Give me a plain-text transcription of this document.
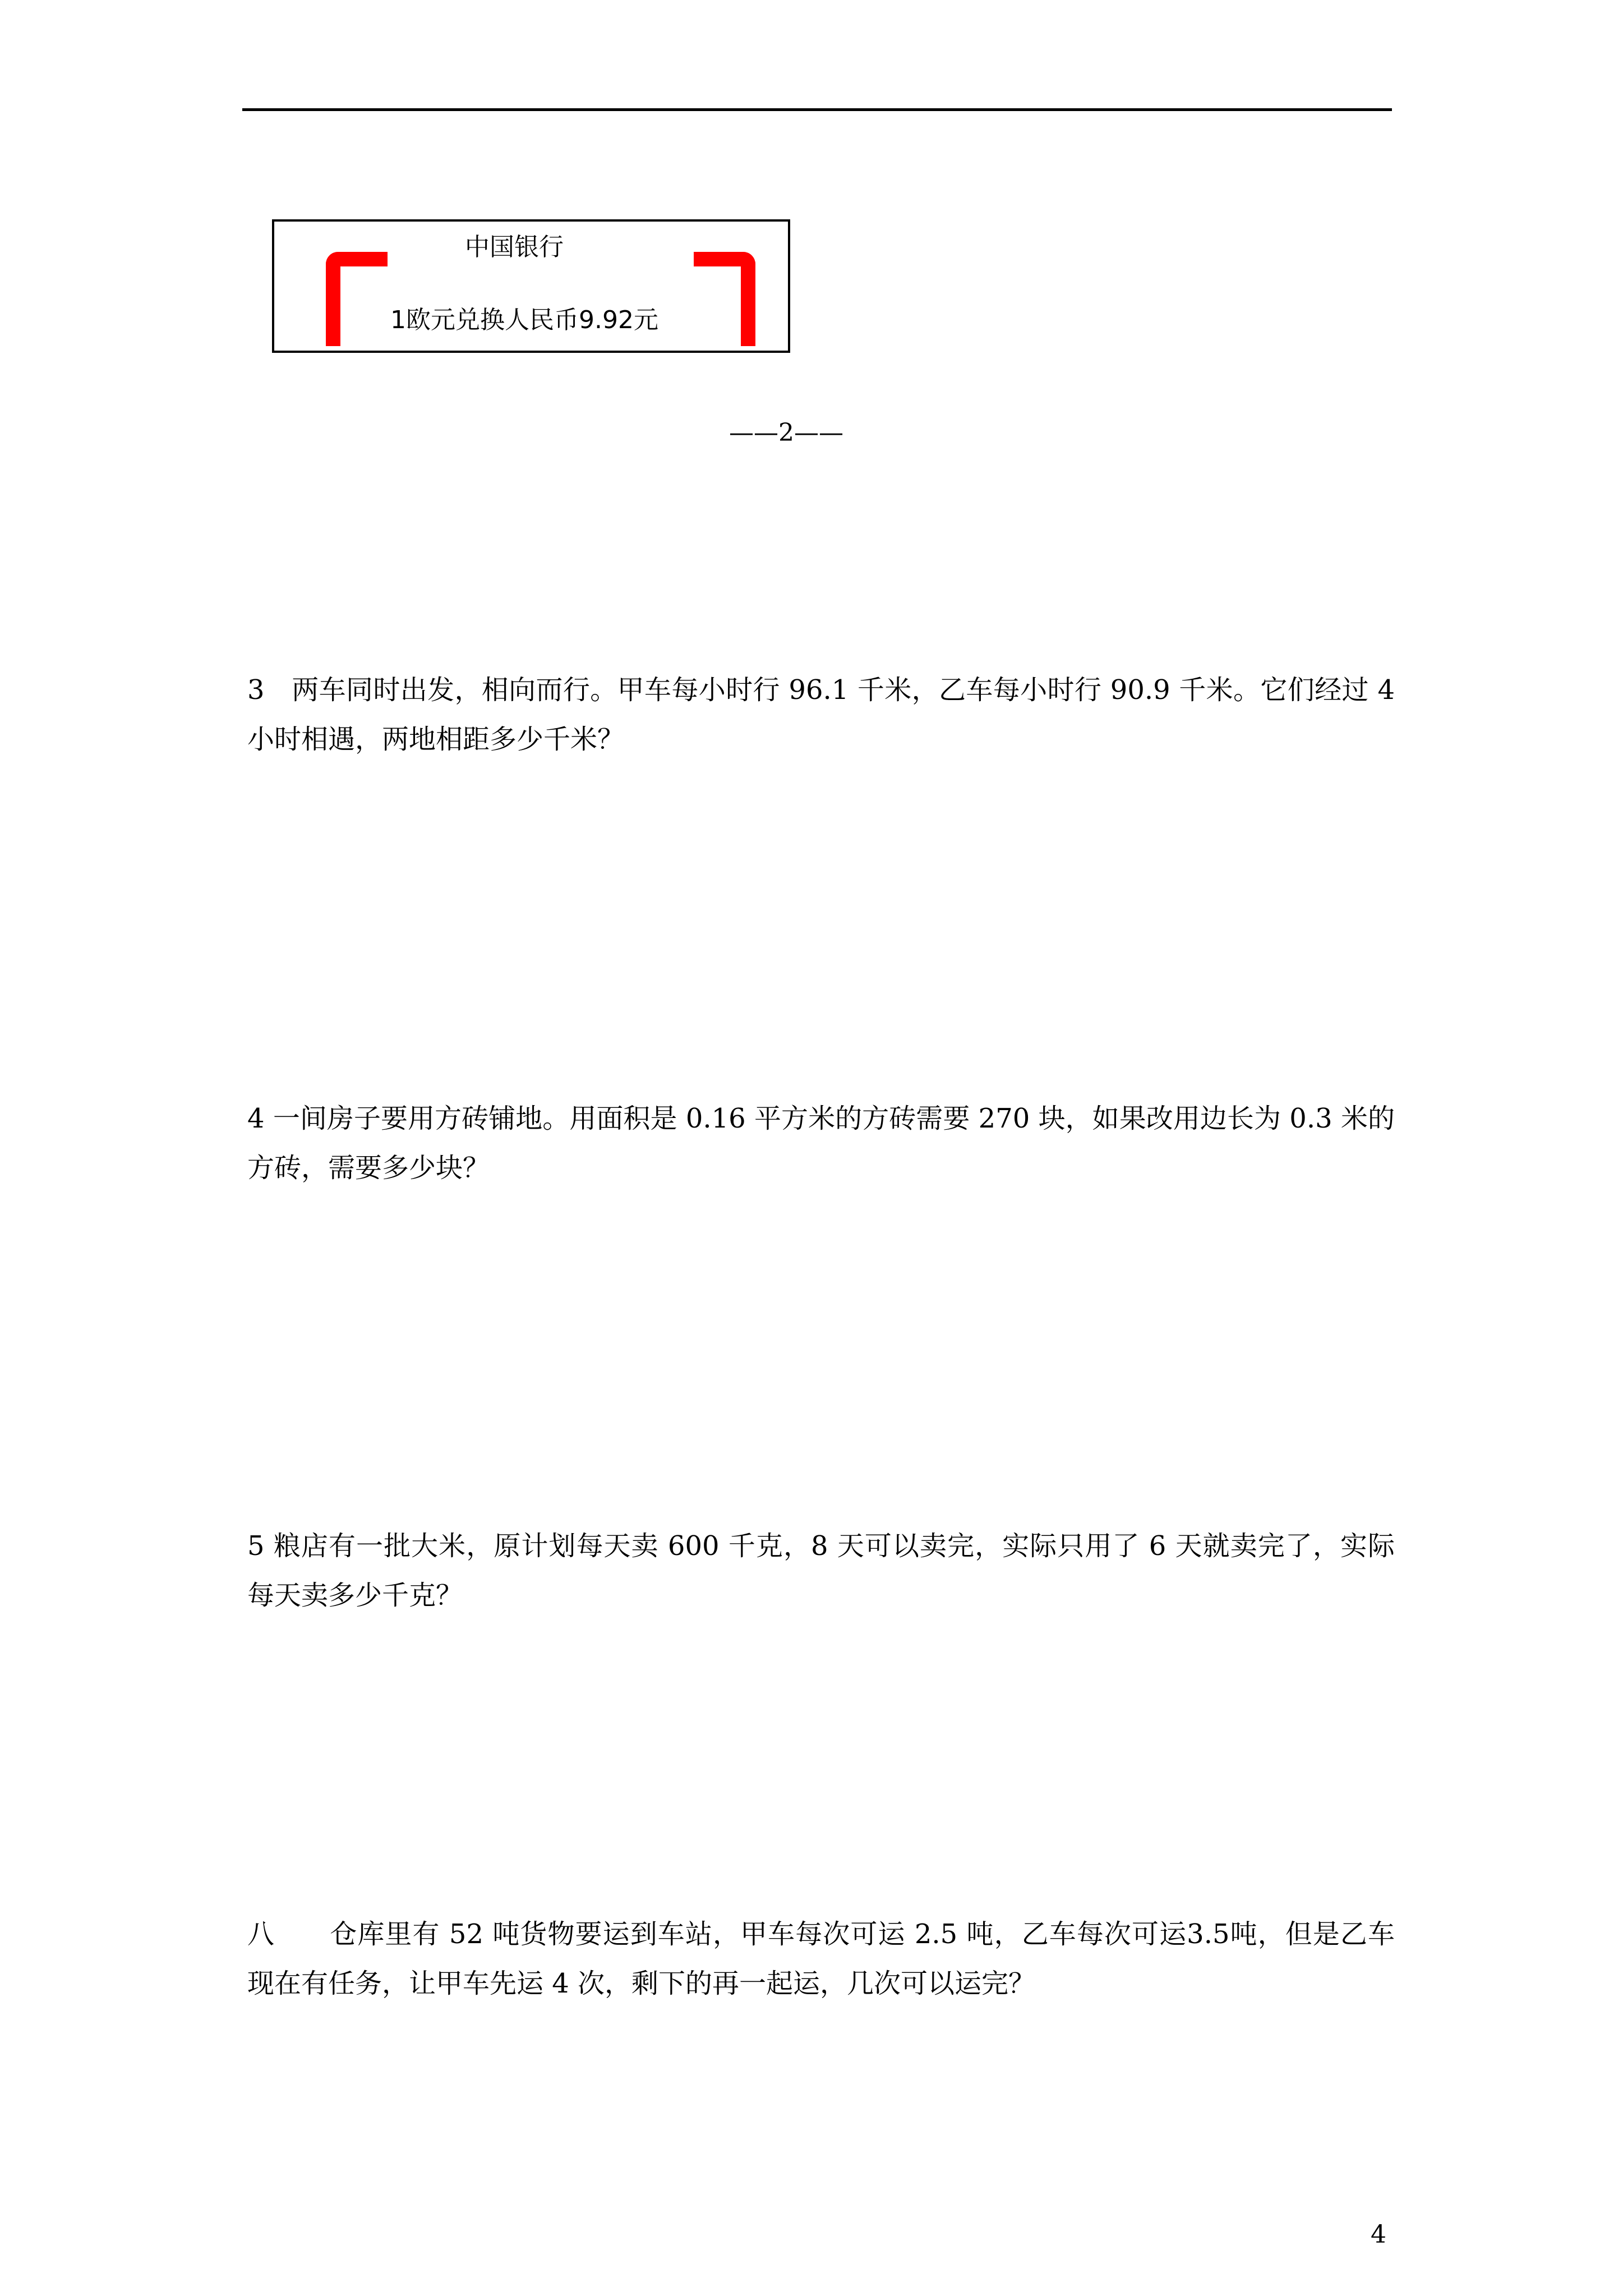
中国银行
1欧元兑换人民币9.92元
——2——
3　两车同时出发，相向而行。甲车每小时行 96.1 千米，乙车每小时行 90.9 千米。它们经过 4 小时相遇，两地相距多少千米？
4 一间房子要用方砖铺地。用面积是 0.16 平方米的方砖需要 270 块，如果改用边长为 0.3 米的方砖，需要多少块？
5 粮店有一批大米，原计划每天卖 600 千克，8 天可以卖完，实际只用了 6 天就卖完了，实际每天卖多少千克？
八　　仓库里有 52 吨货物要运到车站，甲车每次可运 2.5 吨，乙车每次可运3.5吨，但是乙车现在有任务，让甲车先运 4 次，剩下的再一起运，几次可以运完？
4
